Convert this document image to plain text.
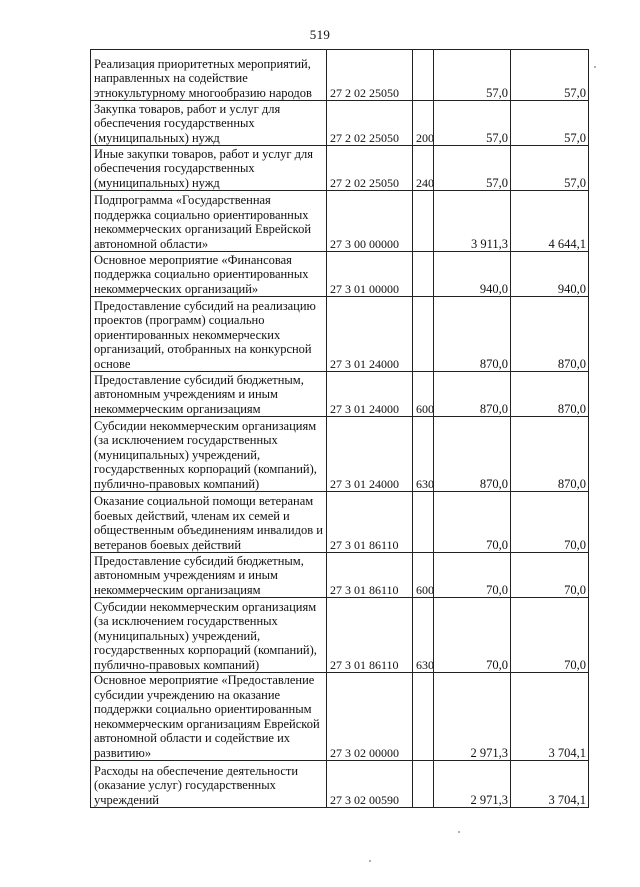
519
Реализация приоритетных мероприятий, направленных на содействие этнокультурному многообразию народов	27 2 02 25050		57,0	57,0
Закупка товаров, работ и услуг для обеспечения государственных (муниципальных) нужд	27 2 02 25050	200	57,0	57,0
Иные закупки товаров, работ и услуг для обеспечения государственных (муниципальных) нужд	27 2 02 25050	240	57,0	57,0
Подпрограмма «Государственная поддержка социально ориентированных некоммерческих организаций Еврейской автономной области»	27 3 00 00000		3 911,3	4 644,1
Основное мероприятие «Финансовая поддержка социально ориентированных некоммерческих организаций»	27 3 01 00000		940,0	940,0
Предоставление субсидий на реализацию проектов (программ) социально ориентированных некоммерческих организаций, отобранных на конкурсной основе	27 3 01 24000		870,0	870,0
Предоставление субсидий бюджетным, автономным учреждениям и иным некоммерческим организациям	27 3 01 24000	600	870,0	870,0
Субсидии некоммерческим организациям (за исключением государственных (муниципальных) учреждений, государственных корпораций (компаний), публично-правовых компаний)	27 3 01 24000	630	870,0	870,0
Оказание социальной помощи ветеранам боевых действий, членам их семей и общественным объединениям инвалидов и ветеранов боевых действий	27 3 01 86110		70,0	70,0
Предоставление субсидий бюджетным, автономным учреждениям и иным некоммерческим организациям	27 3 01 86110	600	70,0	70,0
Субсидии некоммерческим организациям (за исключением государственных (муниципальных) учреждений, государственных корпораций (компаний), публично-правовых компаний)	27 3 01 86110	630	70,0	70,0
Основное мероприятие «Предоставление субсидии учреждению на оказание поддержки социально ориентированным некоммерческим организациям Еврейской автономной области и содействие их развитию»	27 3 02 00000		2 971,3	3 704,1
Расходы на обеспечение деятельности (оказание услуг) государственных учреждений	27 3 02 00590		2 971,3	3 704,1
